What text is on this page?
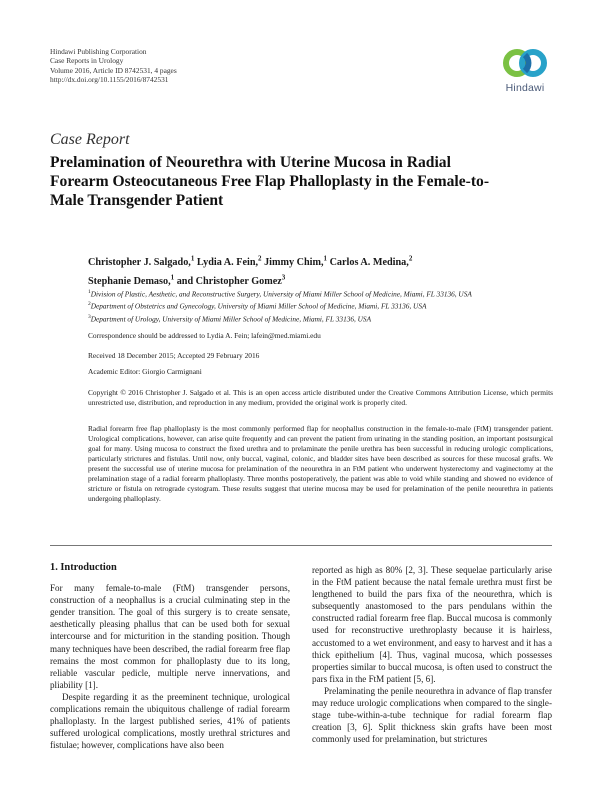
Hindawi Publishing Corporation
Case Reports in Urology
Volume 2016, Article ID 8742531, 4 pages
http://dx.doi.org/10.1155/2016/8742531
Hindawi
Case Report
Prelamination of Neourethra with Uterine Mucosa in Radial Forearm Osteocutaneous Free Flap Phalloplasty in the Female-to-Male Transgender Patient
Christopher J. Salgado,$^1$ Lydia A. Fein,$^2$ Jimmy Chim,$^1$ Carlos A. Medina,$^2$
Stephanie Demaso,$^1$ and Christopher Gomez$^3$
$^1$Division of Plastic, Aesthetic, and Reconstructive Surgery, University of Miami Miller School of Medicine, Miami, FL 33136, USA
$^2$Department of Obstetrics and Gynecology, University of Miami Miller School of Medicine, Miami, FL 33136, USA
$^3$Department of Urology, University of Miami Miller School of Medicine, Miami, FL 33136, USA
Correspondence should be addressed to Lydia A. Fein; lafein@med.miami.edu
Received 18 December 2015; Accepted 29 February 2016
Academic Editor: Giorgio Carmignani
Copyright © 2016 Christopher J. Salgado et al. This is an open access article distributed under the Creative Commons Attribution License, which permits unrestricted use, distribution, and reproduction in any medium, provided the original work is properly cited.
Radial forearm free flap phalloplasty is the most commonly performed flap for neophallus construction in the female-to-male (FtM) transgender patient. Urological complications, however, can arise quite frequently and can prevent the patient from urinating in the standing position, an important postsurgical goal for many. Using mucosa to construct the fixed urethra and to prelaminate the penile urethra has been successful in reducing urologic complications, particularly strictures and fistulas. Until now, only buccal, vaginal, colonic, and bladder sites have been described as sources for these mucosal grafts. We present the successful use of uterine mucosa for prelamination of the neourethra in an FtM patient who underwent hysterectomy and vaginectomy at the prelamination stage of a radial forearm phalloplasty. Three months postoperatively, the patient was able to void while standing and showed no evidence of stricture or fistula on retrograde cystogram. These results suggest that uterine mucosa may be used for prelamination of the penile neourethra in patients undergoing phalloplasty.
1. Introduction

For many female-to-male (FtM) transgender persons, construction of a neophallus is a crucial culminating step in the gender transition. The goal of this surgery is to create sensate, aesthetically pleasing phallus that can be used both for sexual intercourse and for micturition in the standing position. Though many techniques have been described, the radial forearm free flap remains the most common for phalloplasty due to its long, reliable vascular pedicle, multiple nerve innervations, and pliability [1].

Despite regarding it as the preeminent technique, urological complications remain the ubiquitous challenge of radial forearm phalloplasty. In the largest published series, 41% of patients suffered urological complications, mostly urethral strictures and fistulae; however, complications have also been

reported as high as 80% [2, 3]. These sequelae particularly arise in the FtM patient because the natal female urethra must first be lengthened to build the pars fixa of the neourethra, which is subsequently anastomosed to the pars pendulans within the constructed radial forearm free flap. Buccal mucosa is commonly used for reconstructive urethroplasty because it is hairless, accustomed to a wet environment, and easy to harvest and it has a thick epithelium [4]. Thus, vaginal mucosa, which possesses properties similar to buccal mucosa, is often used to construct the pars fixa in the FtM patient [5, 6].

Prelaminating the penile neourethra in advance of flap transfer may reduce urologic complications when compared to the single-stage tube-within-a-tube technique for radial forearm flap creation [3, 6]. Split thickness skin grafts have been most commonly used for prelamination, but strictures
